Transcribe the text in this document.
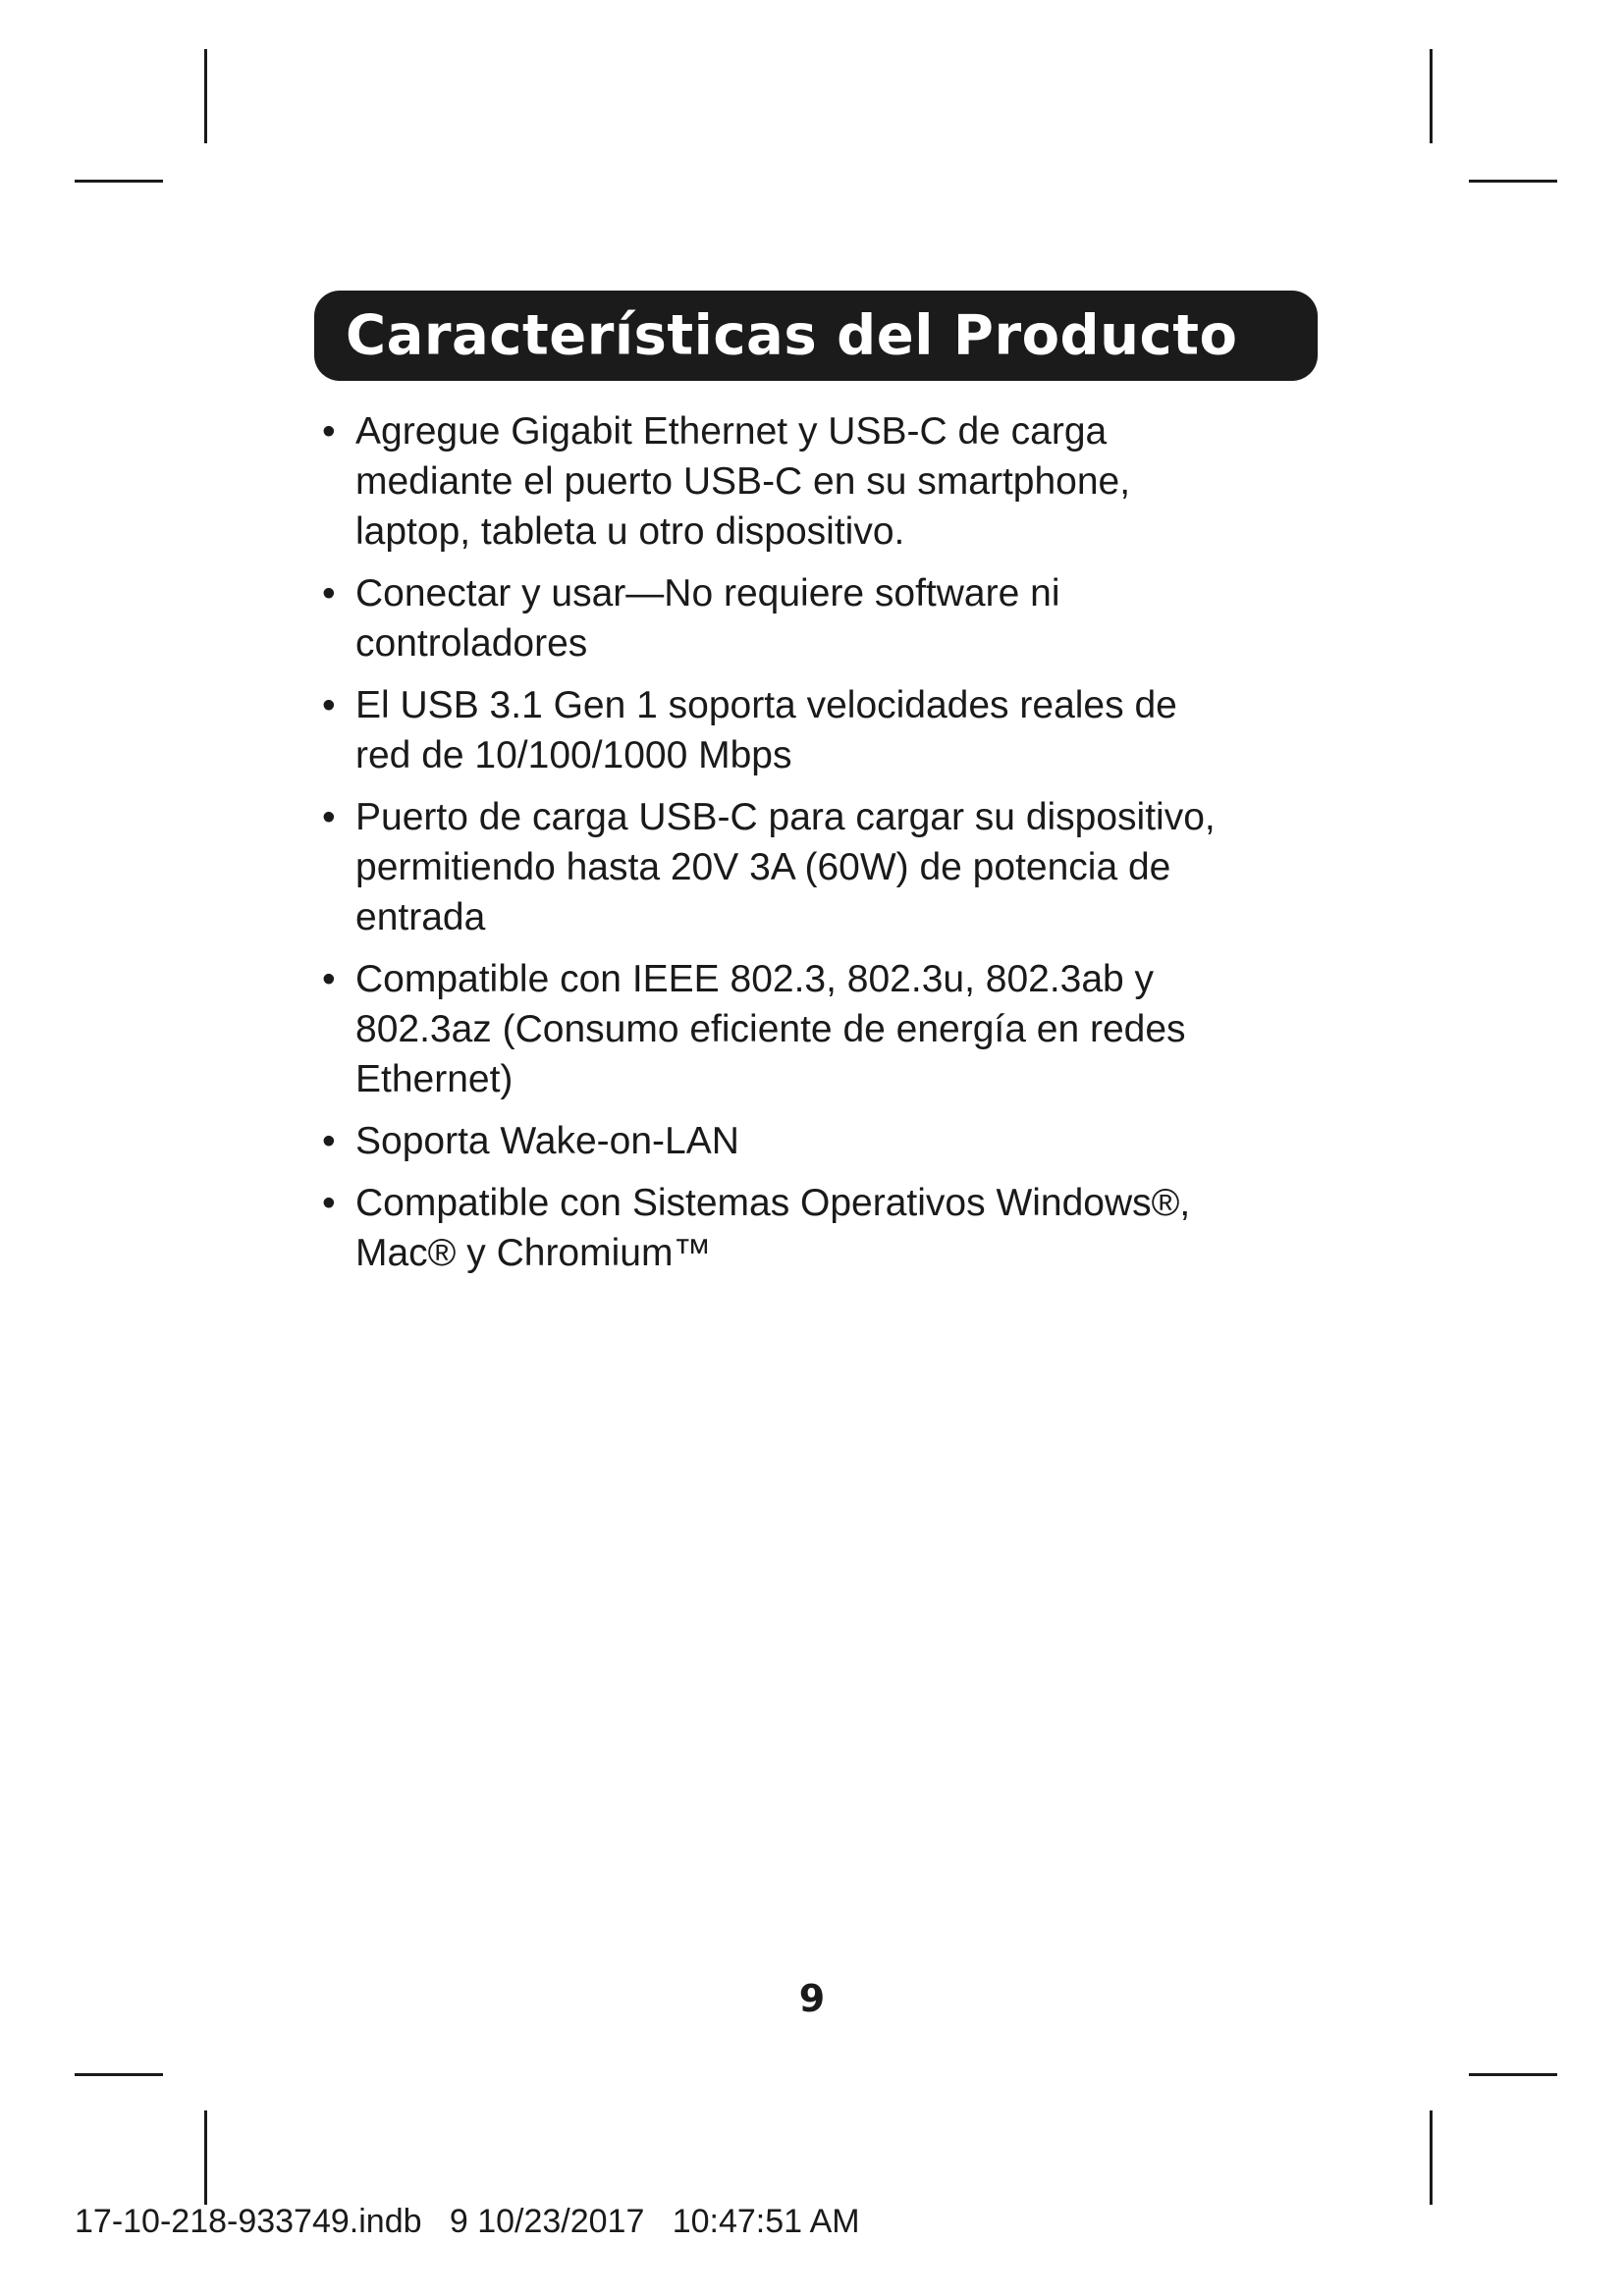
Características del Producto
• Agregue Gigabit Ethernet y USB-C de carga
mediante el puerto USB-C en su smartphone,
laptop, tableta u otro dispositivo.
• Conectar y usar—No requiere software ni
controladores
• El USB 3.1 Gen 1 soporta velocidades reales de
red de 10/100/1000 Mbps
• Puerto de carga USB-C para cargar su dispositivo,
permitiendo hasta 20V 3A (60W) de potencia de
entrada
• Compatible con IEEE 802.3, 802.3u, 802.3ab y
802.3az (Consumo eficiente de energía en redes
Ethernet)
• Soporta Wake-on-LAN
• Compatible con Sistemas Operativos Windows®,
Mac® y Chromium™
9
17-10-218-933749.indb   9 10/23/2017   10:47:51 AM
